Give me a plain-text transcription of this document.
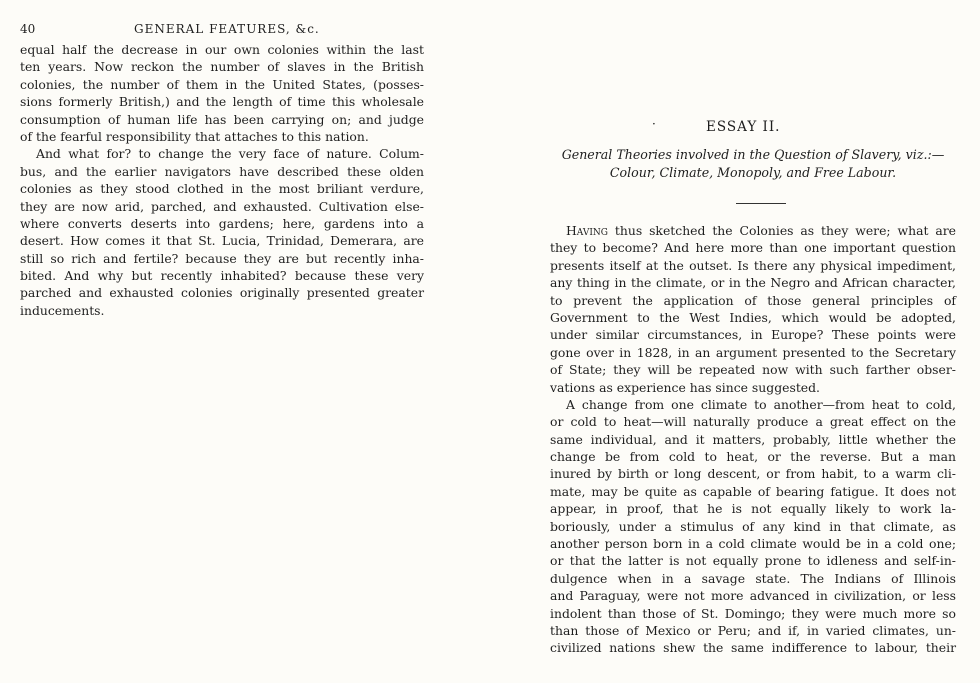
40	GENERAL FEATURES, &c.

equal half the decrease in our own colonies within the last

ten years. Now reckon the number of slaves in the British

colonies, the number of them in the United States, (posses-

sions formerly British,) and the length of time this wholesale

consumption of human life has been carrying on; and judge

of the fearful responsibility that attaches to this nation.

And what for? to change the very face of nature. Colum-

bus, and the earlier navigators have described these olden

colonies as they stood clothed in the most briliant verdure,

they are now arid, parched, and exhausted. Cultivation else-

where converts deserts into gardens; here, gardens into a

desert. How comes it that St. Lucia, Trinidad, Demerara, are

still so rich and fertile? because they are but recently inha-

bited. And why but recently inhabited? because these very

parched and exhausted colonies originally presented greater

inducements.

·	ESSAY II.
General Theories involved in the Question of Slavery, viz.:—
Colour, Climate, Monopoly, and Free Labour.

Having thus sketched the Colonies as they were; what are

they to become? And here more than one important question

presents itself at the outset. Is there any physical impediment,

any thing in the climate, or in the Negro and African character,

to prevent the application of those general principles of

Government to the West Indies, which would be adopted,

under similar circumstances, in Europe? These points were

gone over in 1828, in an argument presented to the Secretary

of State; they will be repeated now with such farther obser-

vations as experience has since suggested.

A change from one climate to another—from heat to cold,

or cold to heat—will naturally produce a great effect on the

same individual, and it matters, probably, little whether the

change be from cold to heat, or the reverse. But a man

inured by birth or long descent, or from habit, to a warm cli-

mate, may be quite as capable of bearing fatigue. It does not

appear, in proof, that he is not equally likely to work la-

boriously, under a stimulus of any kind in that climate, as

another person born in a cold climate would be in a cold one;

or that the latter is not equally prone to idleness and self-in-

dulgence when in a savage state. The Indians of Illinois

and Paraguay, were not more advanced in civilization, or less

indolent than those of St. Domingo; they were much more so

than those of Mexico or Peru; and if, in varied climates, un-

civilized nations shew the same indifference to labour, their
